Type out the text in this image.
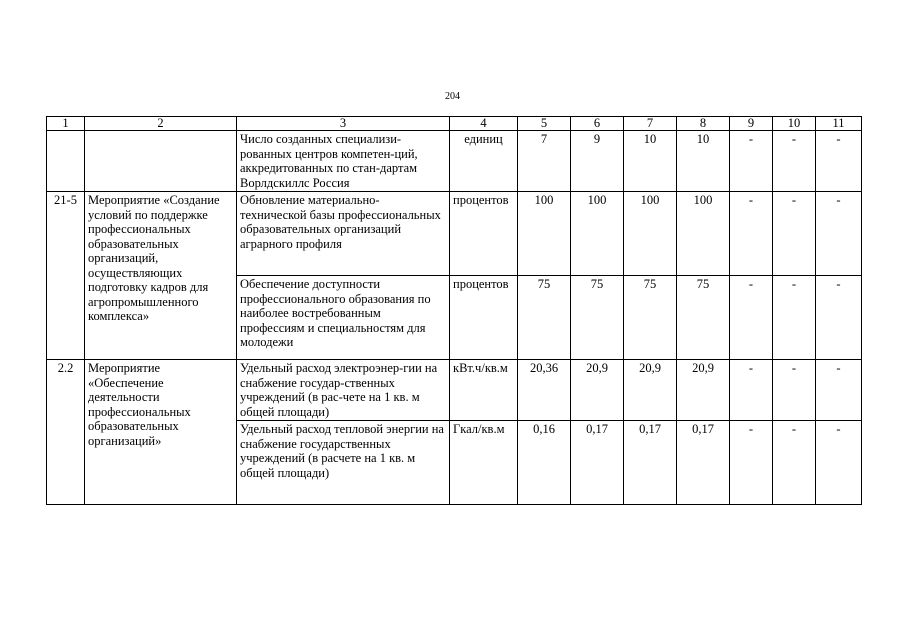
204
1	2	3	4	5	6	7	8	9	10	11
		Число созданных специализи-рованных центров компетен-ций, аккредитованных по стан-дартам Ворлдскиллс Россия	единиц	7	9	10	10	-	-	-
21-5	Мероприятие «Создание условий по поддержке профессиональных образовательных организаций, осуществляющих подготовку кадров для агропромышленного комплекса»	Обновление материально-технической базы профессиональных образовательных организаций аграрного профиля	процентов	100	100	100	100	-	-	-
		Обеспечение доступности профессионального образования по наиболее востребованным профессиям и специальностям для молодежи	процентов	75	75	75	75	-	-	-
2.2	Мероприятие «Обеспечение деятельности профессиональных образовательных организаций»	Удельный расход электроэнер-гии на снабжение государ-ственных учреждений (в рас-чете на 1 кв. м общей площади)	кВт.ч/кв.м	20,36	20,9	20,9	20,9	-	-	-
		Удельный расход тепловой энергии на снабжение государственных учреждений (в расчете на 1 кв. м общей площади)	Гкал/кв.м	0,16	0,17	0,17	0,17	-	-	-
